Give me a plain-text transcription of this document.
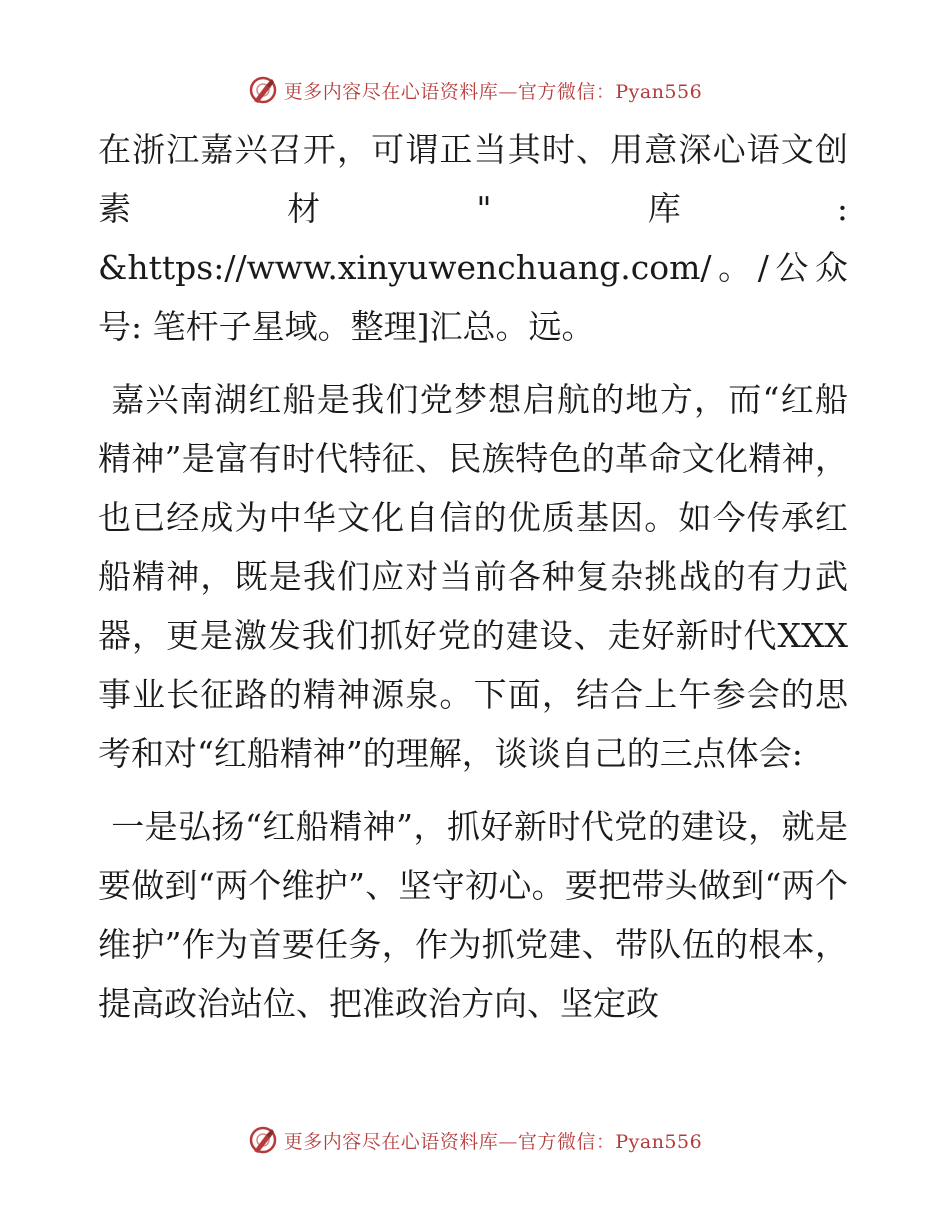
更多内容尽在心语资料库—官方微信：Pyan556

在浙江嘉兴召开，可谓正当其时、用意深心语文创素材"库: &https://www.xinyuwenchuang.com/。/公众号: 笔杆子星域。整理]汇总。远。

嘉兴南湖红船是我们党梦想启航的地方，而“红船精神”是富有时代特征、民族特色的革命文化精神，也已经成为中华文化自信的优质基因。如今传承红船精神，既是我们应对当前各种复杂挑战的有力武器，更是激发我们抓好党的建设、走好新时代XXX事业长征路的精神源泉。下面，结合上午参会的思考和对“红船精神”的理解，谈谈自己的三点体会:

一是弘扬“红船精神”，抓好新时代党的建设，就是要做到“两个维护”、坚守初心。要把带头做到“两个维护”作为首要任务，作为抓党建、带队伍的根本，提高政治站位、把准政治方向、坚定政

更多内容尽在心语资料库—官方微信：Pyan556
